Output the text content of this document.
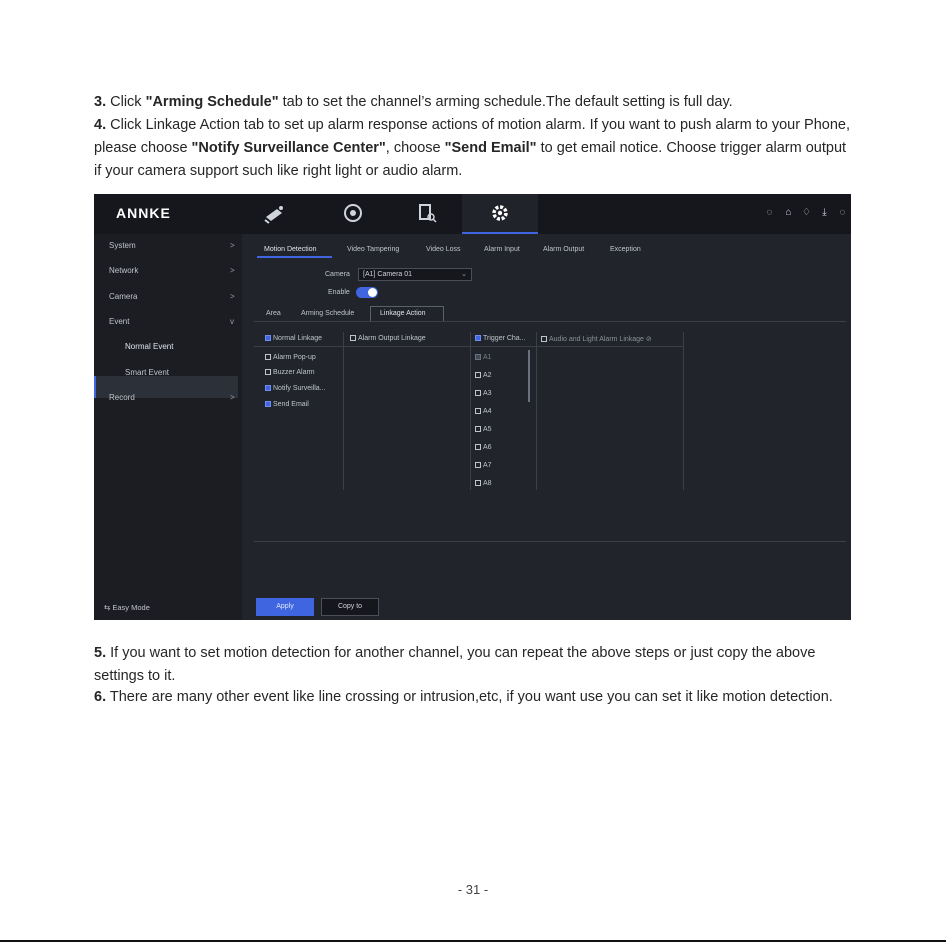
3. Click "Arming Schedule" tab to set the channel’s arming schedule.The default setting is full day.
4. Click Linkage Action tab to set up alarm response actions of motion alarm. If you want to push alarm to your Phone, please choose "Notify Surveillance Center", choose "Send Email" to get email notice. Choose trigger alarm output if your camera support such like right light or audio alarm.
ANNKE	◌ ⌂ ♢	⤓	◌
System	>
Network	>
Camera	>
Event	v
Normal Event
Smart Event
Record	>
⇆ Easy Mode
Motion Detection	Video Tampering	Video Loss	Alarm Input	Alarm Output	Exception
Camera	[A1] Camera 01	⌄
Enable
Area	Arming Schedule	Linkage Action
Normal Linkage	Alarm Output Linkage	Trigger Cha...	Audio and Light Alarm Linkage ⊘
Alarm Pop-up
Buzzer Alarm
Notify Surveilla...
Send Email
A1
A2
A3
A4
A5
A6
A7
A8
Apply	Copy to
5. If you want to set motion detection for another channel, you can repeat the above steps or just copy the above settings to it.
6. There are many other event like line crossing or intrusion,etc, if you want use you can set it like motion detection.
- 31 -
